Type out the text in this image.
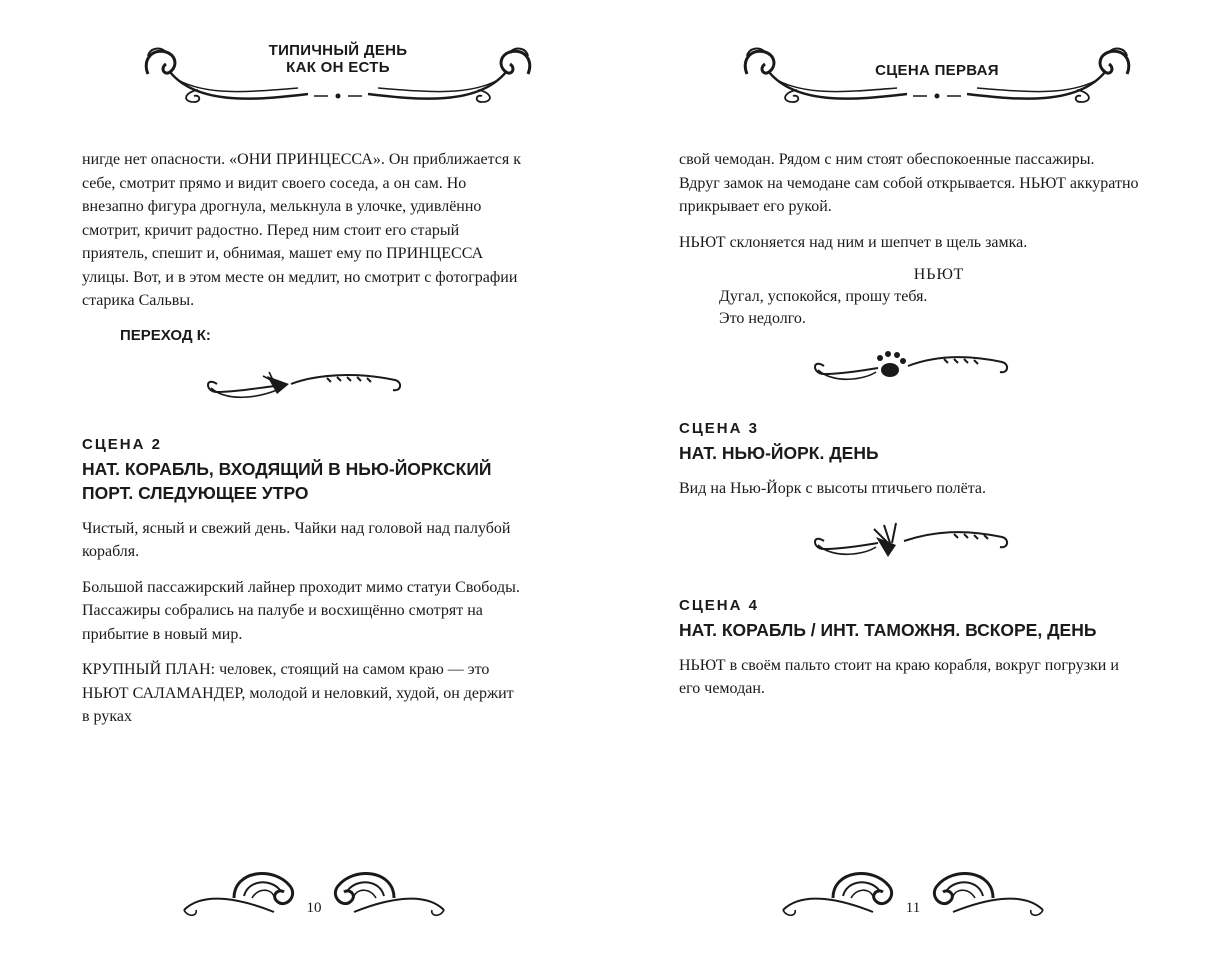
ТИПИЧНЫЙ ДЕНЬ
КАК ОН ЕСТЬ

нигде нет опасности. «ОНИ ПРИНЦЕССА». Он приближается к себе, смотрит прямо и видит своего соседа, а он сам. Но внезапно фигура дрогнула, мелькнула в улочке, удивлённо смотрит, кричит радостно. Перед ним стоит его старый приятель, спешит и, обнимая, машет ему по ПРИНЦЕССА улицы. Вот, и в этом месте он медлит, но смотрит с фотографии старика Сальвы.

ПЕРЕХОД К:
СЦЕНА 2
НАТ. КОРАБЛЬ, ВХОДЯЩИЙ В НЬЮ-ЙОРКСКИЙ ПОРТ. СЛЕДУЮЩЕЕ УТРО

Чистый, ясный и свежий день. Чайки над головой над палубой корабля.

Большой пассажирский лайнер проходит мимо статуи Свободы. Пассажиры собрались на палубе и восхищённо смотрят на прибытие в новый мир.

КРУПНЫЙ ПЛАН: человек, стоящий на самом краю — это НЬЮТ САЛАМАНДЕР, молодой и неловкий, худой, он держит в руках

10
СЦЕНА ПЕРВАЯ

свой чемодан. Рядом с ним стоят обеспокоенные пассажиры. Вдруг замок на чемодане сам собой открывается. НЬЮТ аккуратно прикрывает его рукой.

НЬЮТ склоняется над ним и шепчет в щель замка.

НЬЮТ
Дугал, успокойся, прошу тебя.
Это недолго.
СЦЕНА 3
НАТ. НЬЮ-ЙОРК. ДЕНЬ

Вид на Нью-Йорк с высоты птичьего полёта.

СЦЕНА 4
НАТ. КОРАБЛЬ / ИНТ. ТАМОЖНЯ. ВСКОРЕ, ДЕНЬ

НЬЮТ в своём пальто стоит на краю корабля, вокруг погрузки и его чемодан.

11
